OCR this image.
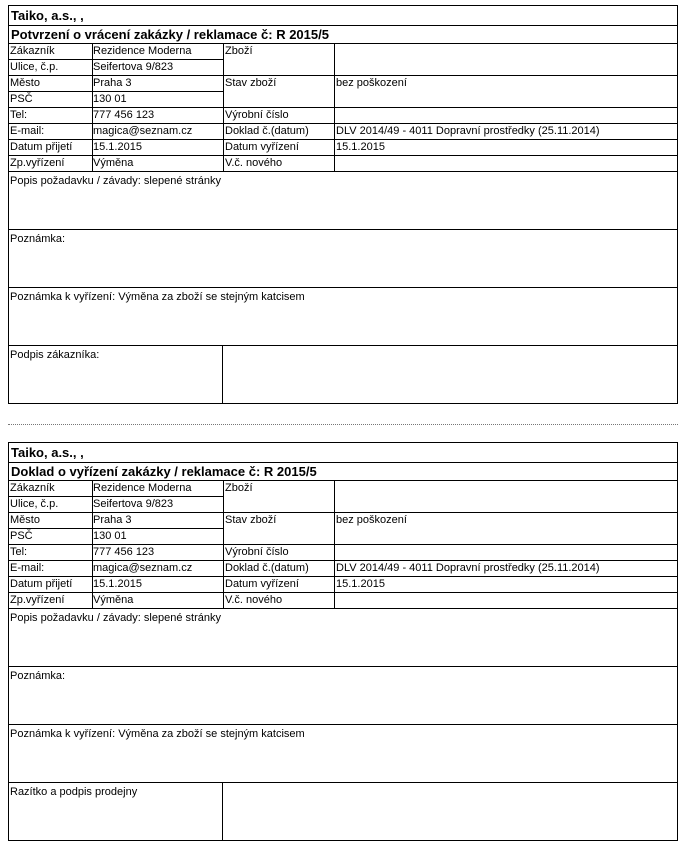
Taiko, a.s., ,
Potvrzení o vrácení zakázky / reklamace č: R 2015/5
Zákazník	Rezidence Moderna	Zboží
Ulice, č.p.	Seifertova 9/823
Město	Praha 3	Stav zboží	bez poškození
PSČ	130 01
Tel:	777 456 123	Výrobní číslo
E-mail:	magica@seznam.cz	Doklad č.(datum)	DLV 2014/49 - 4011 Dopravní prostředky (25.11.2014)
Datum přijetí	15.1.2015	Datum vyřízení	15.1.2015
Zp.vyřízení	Výměna	V.č. nového
Popis požadavku / závady: slepené stránky
Poznámka:
Poznámka k vyřízení: Výměna za zboží se stejným katcisem
Podpis zákazníka:
Taiko, a.s., ,
Doklad o vyřízení zakázky / reklamace č: R 2015/5
Zákazník	Rezidence Moderna	Zboží
Ulice, č.p.	Seifertova 9/823
Město	Praha 3	Stav zboží	bez poškození
PSČ	130 01
Tel:	777 456 123	Výrobní číslo
E-mail:	magica@seznam.cz	Doklad č.(datum)	DLV 2014/49 - 4011 Dopravní prostředky (25.11.2014)
Datum přijetí	15.1.2015	Datum vyřízení	15.1.2015
Zp.vyřízení	Výměna	V.č. nového
Popis požadavku / závady: slepené stránky
Poznámka:
Poznámka k vyřízení: Výměna za zboží se stejným katcisem
Razítko a podpis prodejny
